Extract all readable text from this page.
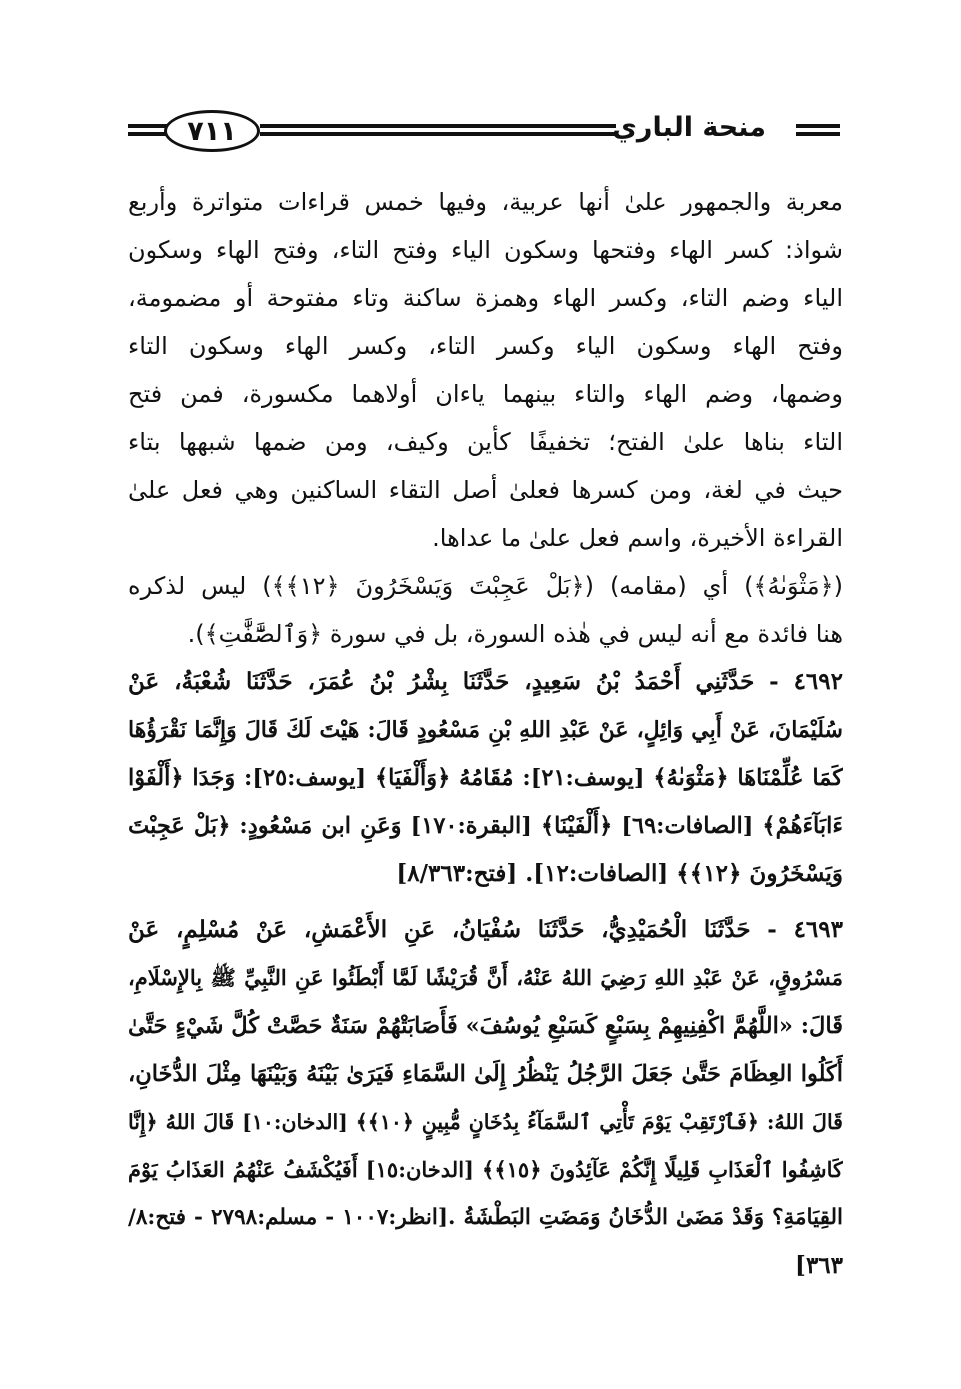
٧١١	منحة الباري
معربة والجمهور علىٰ أنها عربية، وفيها خمس قراءات متواترة وأربع
شواذ: كسر الهاء وفتحها وسكون الياء وفتح التاء، وفتح الهاء وسكون
الياء وضم التاء، وكسر الهاء وهمزة ساكنة وتاء مفتوحة أو مضمومة،
وفتح الهاء وسكون الياء وكسر التاء، وكسر الهاء وسكون التاء
وضمها، وضم الهاء والتاء بينهما ياءان أولاهما مكسورة، فمن فتح
التاء بناها علىٰ الفتح؛ تخفيفًا كأين وكيف، ومن ضمها شبهها بتاء
حيث في لغة، ومن كسرها فعلىٰ أصل التقاء الساكنين وهي فعل علىٰ
القراءة الأخيرة، واسم فعل علىٰ ما عداها.
(﴿مَثْوَىٰهُ﴾) أي (مقامه) (﴿بَلْ عَجِبْتَ وَيَسْخَرُونَ ﴿١٢﴾﴾) ليس لذكره
هنا فائدة مع أنه ليس في هٰذه السورة، بل في سورة ﴿وَٱلصَّٰٓفَّٰتِ﴾).
٤٦٩٢ - حَدَّثَنِي أَحْمَدُ بْنُ سَعِيدٍ، حَدَّثَنَا بِشْرُ بْنُ عُمَرَ، حَدَّثَنَا شُعْبَةُ، عَنْ
سُلَيْمَانَ، عَنْ أَبِي وَائِلٍ، عَنْ عَبْدِ اللهِ بْنِ مَسْعُودٍ قَالَ: هَيْتَ لَكَ قَالَ وَإِنَّمَا نَقْرَؤُهَا
كَمَا عُلِّمْنَاهَا ﴿مَثْوَىٰهُ﴾ [يوسف:٢١]: مُقَامُهُ ﴿وَأَلْفَيَا﴾ [يوسف:٢٥]: وَجَدَا ﴿أَلْفَوْا
ءَابَآءَهُمْ﴾ [الصافات:٦٩] ﴿أَلْفَيْنَا﴾ [البقرة:١٧٠] وَعَنِ ابن مَسْعُودٍ: ﴿بَلْ عَجِبْتَ
وَيَسْخَرُونَ ﴿١٢﴾﴾ [الصافات:١٢]. [فتح:٨/٣٦٣]
٤٦٩٣ - حَدَّثَنَا الْحُمَيْدِيُّ، حَدَّثَنَا سُفْيَانُ، عَنِ الأَعْمَشِ، عَنْ مُسْلِمٍ، عَنْ
مَسْرُوقٍ، عَنْ عَبْدِ اللهِ رَضِيَ اللهُ عَنْهُ، أَنَّ قُرَيْشًا لَمَّا أَبْطَئُوا عَنِ النَّبِيِّ ﷺ بِالإِسْلَامِ،
قَالَ: «اللَّهُمَّ اكْفِنِيهِمْ بِسَبْعٍ كَسَبْعِ يُوسُفَ» فَأَصَابَتْهُمْ سَنَةٌ حَصَّتْ كُلَّ شَيْءٍ حَتَّىٰ
أَكَلُوا العِظَامَ حَتَّىٰ جَعَلَ الرَّجُلُ يَنْظُرُ إِلَىٰ السَّمَاءِ فَيَرَىٰ بَيْنَهُ وَبَيْنَهَا مِثْلَ الدُّخَانِ،
قَالَ اللهُ: ﴿فَٱرْتَقِبْ يَوْمَ تَأْتِي ٱلسَّمَآءُ بِدُخَانٍ مُّبِينٍ ﴿١٠﴾﴾ [الدخان:١٠] قَالَ اللهُ ﴿إِنَّا
كَاشِفُوا ٱلْعَذَابِ قَلِيلًا إِنَّكُمْ عَآئِدُونَ ﴿١٥﴾﴾ [الدخان:١٥] أَفَيُكْشَفُ عَنْهُمُ العَذَابُ يَوْمَ
القِيَامَةِ؟ وَقَدْ مَضَىٰ الدُّخَانُ وَمَضَتِ البَطْشَةُ .[انظر:١٠٠٧ - مسلم:٢٧٩٨ - فتح:٨/
٣٦٣]
